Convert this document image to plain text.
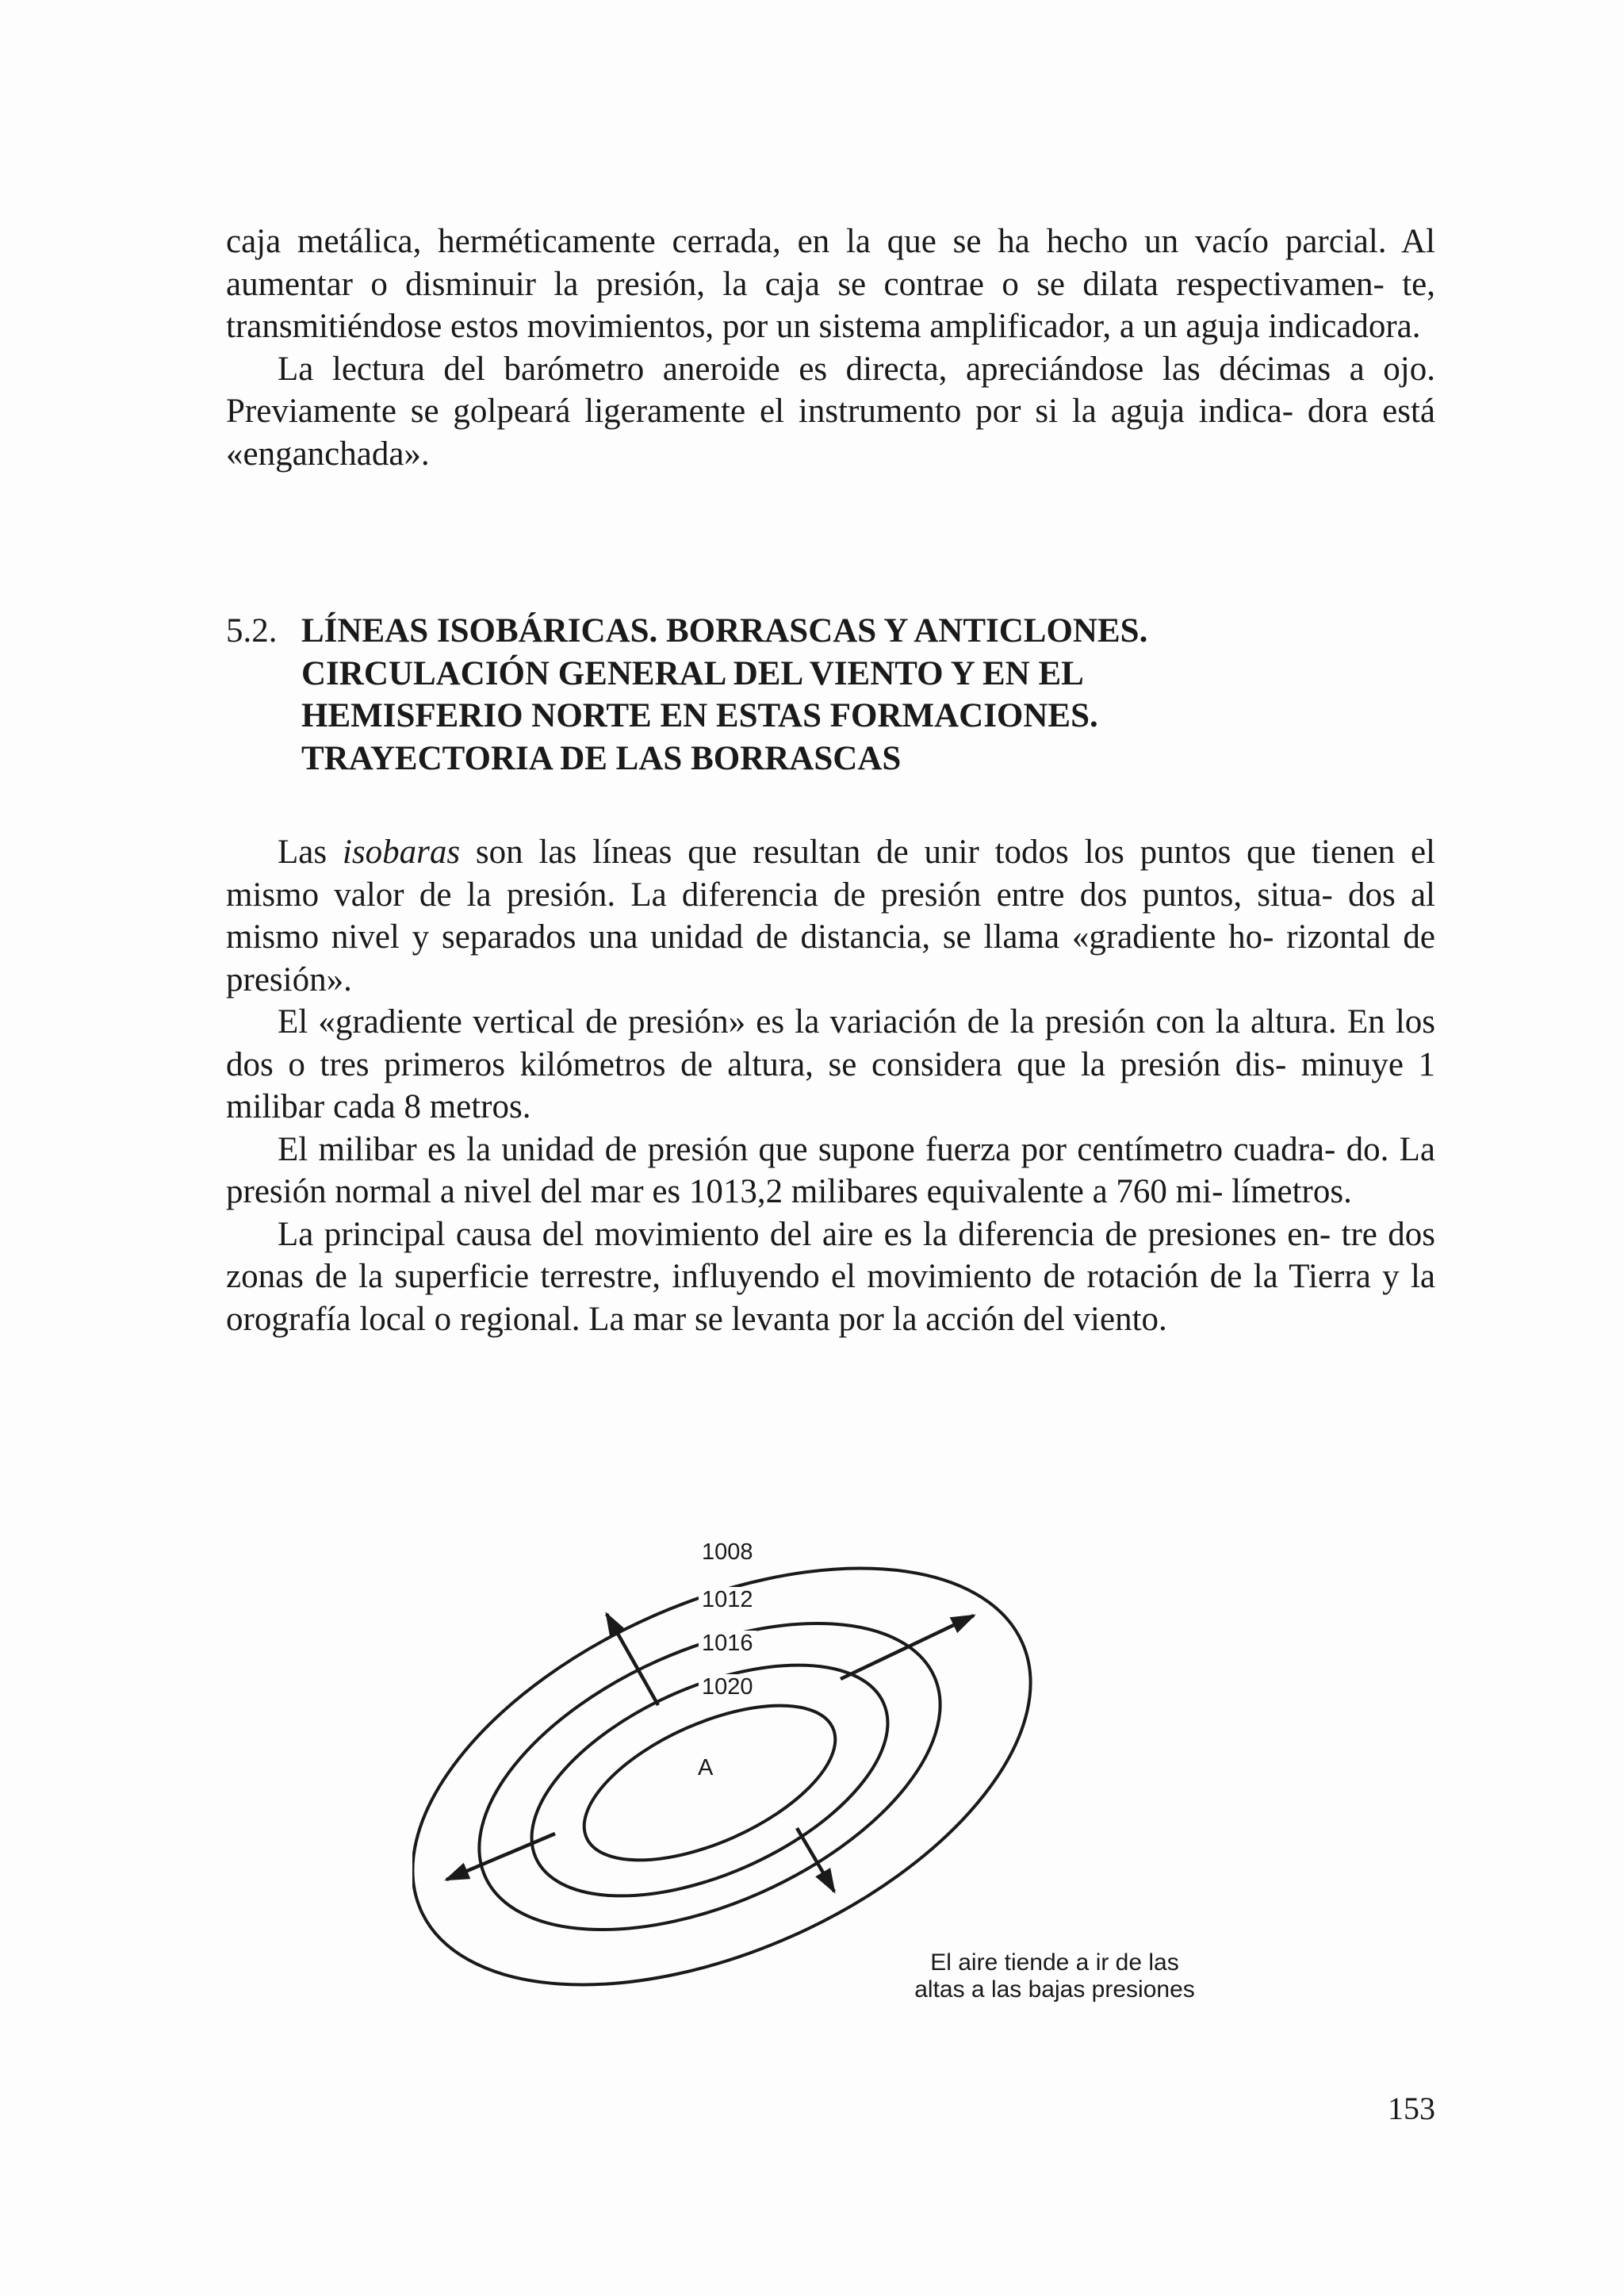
caja metálica, herméticamente cerrada, en la que se ha hecho un vacío parcial. Al aumentar o disminuir la presión, la caja se contrae o se dilata respectivamen- te, transmitiéndose estos movimientos, por un sistema amplificador, a un aguja indicadora.

La lectura del barómetro aneroide es directa, apreciándose las décimas a ojo. Previamente se golpeará ligeramente el instrumento por si la aguja indica- dora está «enganchada».

5.2. LÍNEAS ISOBÁRICAS. BORRASCAS Y ANTICLONES.
CIRCULACIÓN GENERAL DEL VIENTO Y EN EL
HEMISFERIO NORTE EN ESTAS FORMACIONES.
TRAYECTORIA DE LAS BORRASCAS

Las isobaras son las líneas que resultan de unir todos los puntos que tienen el mismo valor de la presión. La diferencia de presión entre dos puntos, situa- dos al mismo nivel y separados una unidad de distancia, se llama «gradiente ho- rizontal de presión».

El «gradiente vertical de presión» es la variación de la presión con la altura. En los dos o tres primeros kilómetros de altura, se considera que la presión dis- minuye 1 milibar cada 8 metros.

El milibar es la unidad de presión que supone fuerza por centímetro cuadra- do. La presión normal a nivel del mar es 1013,2 milibares equivalente a 760 mi- límetros.

La principal causa del movimiento del aire es la diferencia de presiones en- tre dos zonas de la superficie terrestre, influyendo el movimiento de rotación de la Tierra y la orografía local o regional. La mar se levanta por la acción del viento.

1008
1012
1016
1020
A
El aire tiende a ir de las
altas a las bajas presiones
153
